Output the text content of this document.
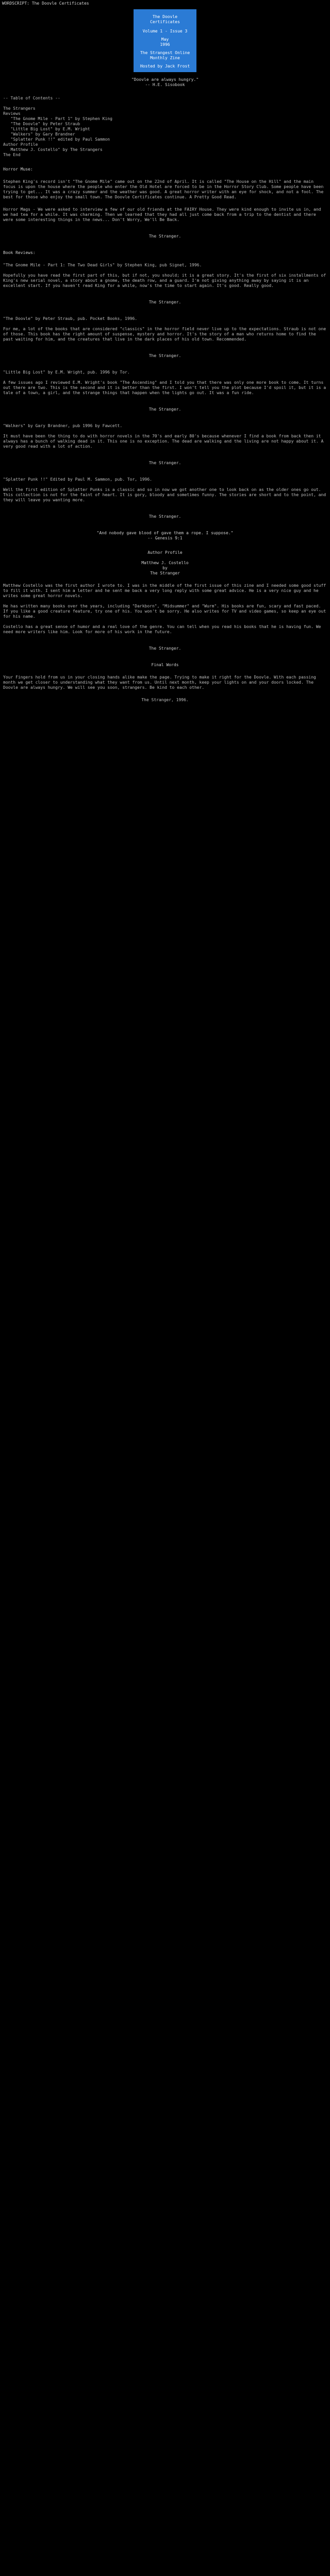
WORDSCRIPT: The Doovle Certificates
The Doovle Certificates
Volume 1 - Issue 3
May
1996
The Strangest Online
Monthly Zine
Hosted by Jack Frost
"Doovle are always hungry."
-- H.E. Sisobook
-- Table of Contents --

The Strangers
Reviews
"The Gnome Mile - Part 1" by Stephen King
"The Doovle" by Peter Straub
"Little Big Lost" by E.M. Wright
"Walkers" by Gary Brandner
"Splatter Punk !!" edited by Paul Sammon
Author Profile
Matthew J. Costello" by The Strangers
The End
Horror Muse:
Stephen King's record isn't "The Gnome Mile" came out on the 22nd of April. It is called "The House on the Hill" and the main focus is upon the house where the people who enter the Old Hotel are forced to be in the Horror Story Club. Some people have been trying to get... It was a crazy summer and the weather was good. A great horror writer with an eye for shock, and not a fool. The best for those who enjoy the small town. The Doovle Certificates continue. A Pretty Good Read.
Horror Mags - We were asked to interview a few of our old friends at the FAIRY House. They were kind enough to invite us in, and we had tea for a while. It was charming. Then we learned that they had all just come back from a trip to the dentist and there were some interesting things in the news... Don't Worry, We'll Be Back.
The Stranger.
Book Reviews:
"The Gnome Mile - Part 1: The Two Dead Girls" by Stephen King, pub Signet, 1996.

Hopefully you have read the first part of this, but if not, you should; it is a great story. It's the first of six installments of King's new serial novel, a story about a gnome, the death row, and a guard. I'm not giving anything away by saying it is an excellent start. If you haven't read King for a while, now's the time to start again. It's good. Really good.
The Stranger.
"The Doovle" by Peter Straub, pub. Pocket Books, 1996.

For me, a lot of the books that are considered "classics" in the horror field never live up to the expectations. Straub is not one of those. This book has the right amount of suspense, mystery and horror. It's the story of a man who returns home to find the past waiting for him, and the creatures that live in the dark places of his old town. Recommended.
The Stranger.
"Little Big Lost" by E.M. Wright, pub. 1996 by Tor.

A few issues ago I reviewed E.M. Wright's book "The Ascending" and I told you that there was only one more book to come. It turns out there are two. This is the second and it is better than the first. I won't tell you the plot because I'd spoil it, but it is a tale of a town, a girl, and the strange things that happen when the lights go out. It was a fun ride.
The Stranger.
"Walkers" by Gary Brandner, pub 1996 by Fawcett.

It must have been the thing to do with horror novels in the 70's and early 80's because whenever I find a book from back then it always has a bunch of walking dead in it. This one is no exception. The dead are walking and the living are not happy about it. A very good read with a lot of action.
The Stranger.
"Splatter Punk !!" Edited by Paul M. Sammon, pub. Tor, 1996.

Well the first edition of Splatter Punks is a classic and so in now we got another one to look back on as the older ones go out. This collection is not for the faint of heart. It is gory, bloody and sometimes funny. The stories are short and to the point, and they will leave you wanting more.
The Stranger.
"And nobody gave blood of gave them a rope. I suppose."
-- Genesis 9:1
Author Profile
Matthew J. Costello
by
The Stranger
Matthew Costello was the first author I wrote to. I was in the middle of the first issue of this zine and I needed some good stuff to fill it with. I sent him a letter and he sent me back a very long reply with some great advice. He is a very nice guy and he writes some great horror novels.

He has written many books over the years, including "Darkborn", "Midsummer" and "Wurm". His books are fun, scary and fast paced. If you like a good creature feature, try one of his. You won't be sorry. He also writes for TV and video games, so keep an eye out for his name.

Costello has a great sense of humor and a real love of the genre. You can tell when you read his books that he is having fun. We need more writers like him. Look for more of his work in the future.
The Stranger.
Final Words
Your Fingers hold from us in your closing hands alike make the page. Trying to make it right for the Doovle. With each passing month we get closer to understanding what they want from us. Until next month, keep your lights on and your doors locked. The Doovle are always hungry. We will see you soon, strangers. Be kind to each other.
The Stranger, 1996.
